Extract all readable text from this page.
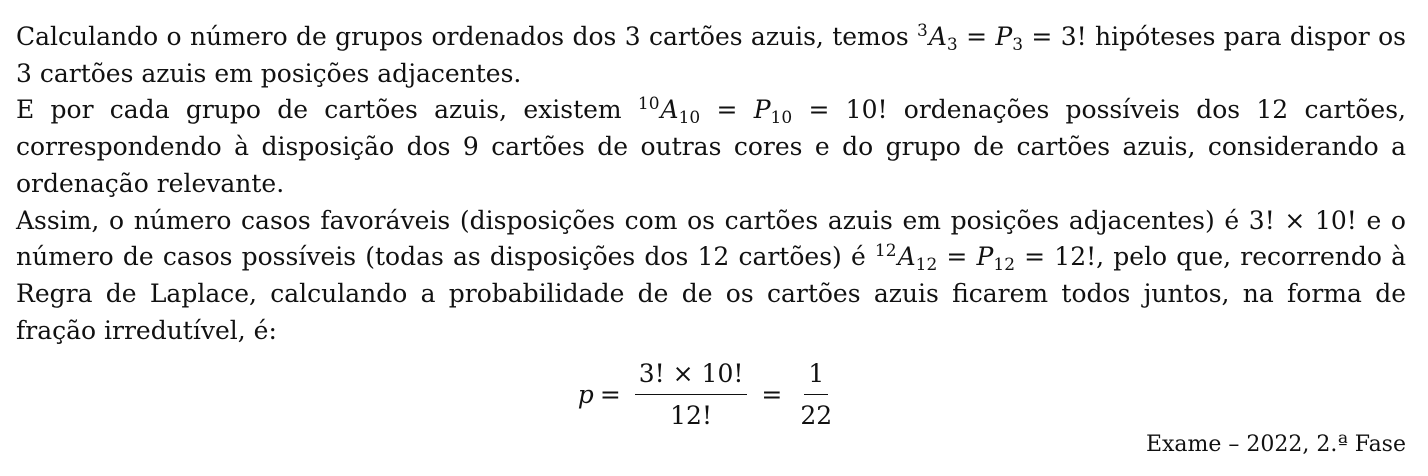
Calculando o número de grupos ordenados dos 3 cartões azuis, temos $^3A_3 = P_3 = 3$! hipóteses para dispor os 3 cartões azuis em posições adjacentes.

E por cada grupo de cartões azuis, existem $^{10}A_{10} = P_{10} = 10$! ordenações possíveis dos 12 cartões, correspondendo à disposição dos 9 cartões de outras cores e do grupo de cartões azuis, considerando a ordenação relevante.

Assim, o número casos favoráveis (disposições com os cartões azuis em posições adjacentes) é 3! × 10! e o número de casos possíveis (todas as disposições dos 12 cartões) é $^{12}A_{12} = P_{12} = 12$!, pelo que, recorrendo à Regra de Laplace, calculando a probabilidade de de os cartões azuis ficarem todos juntos, na forma de fração irredutível, é:

$p = \frac{3! \times 10!}{12!} = \frac{1}{22}$
Exame – 2022, 2.ª Fase
